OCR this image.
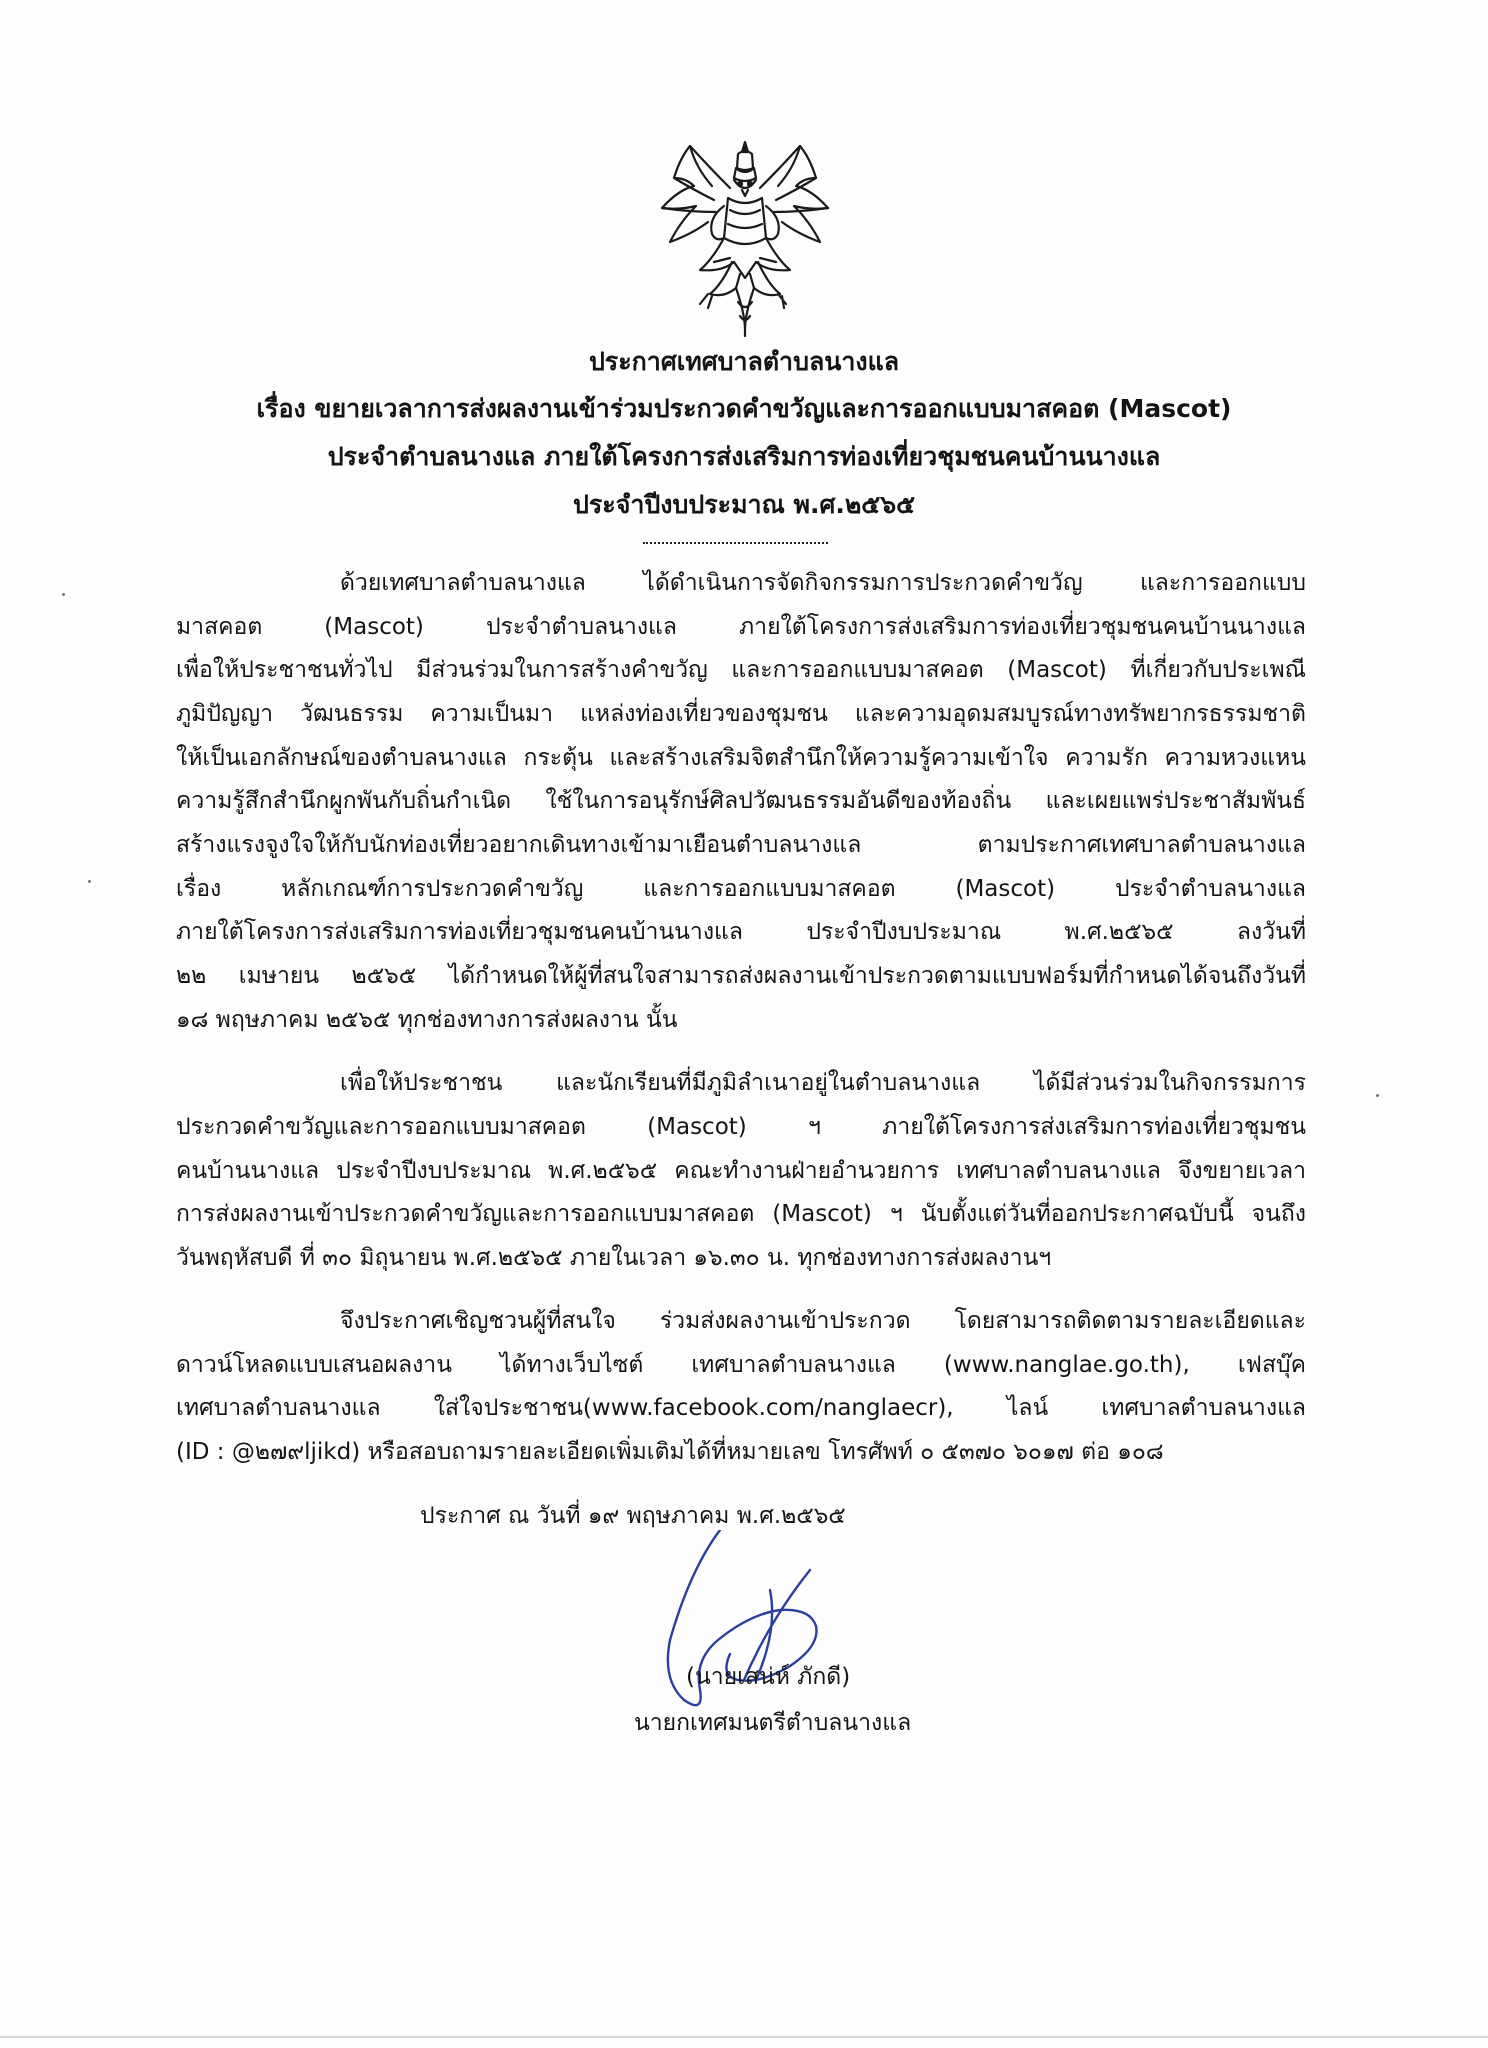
ประกาศเทศบาลตำบลนางแล
เรื่อง ขยายเวลาการส่งผลงานเข้าร่วมประกวดคำขวัญและการออกแบบมาสคอต (Mascot)
ประจำตำบลนางแล ภายใต้โครงการส่งเสริมการท่องเที่ยวชุมชนคนบ้านนางแล
ประจำปีงบประมาณ พ.ศ.๒๕๖๕
ด้วยเทศบาลตำบลนางแล ได้ดำเนินการจัดกิจกรรมการประกวดคำขวัญ และการออกแบบ
มาสคอต (Mascot) ประจำตำบลนางแล ภายใต้โครงการส่งเสริมการท่องเที่ยวชุมชนคนบ้านนางแล
เพื่อให้ประชาชนทั่วไป มีส่วนร่วมในการสร้างคำขวัญ และการออกแบบมาสคอต (Mascot) ที่เกี่ยวกับประเพณี
ภูมิปัญญา วัฒนธรรม ความเป็นมา แหล่งท่องเที่ยวของชุมชน และความอุดมสมบูรณ์ทางทรัพยากรธรรมชาติ
ให้เป็นเอกลักษณ์ของตำบลนางแล กระตุ้น และสร้างเสริมจิตสำนึกให้ความรู้ความเข้าใจ ความรัก ความหวงแหน
ความรู้สึกสำนึกผูกพันกับถิ่นกำเนิด ใช้ในการอนุรักษ์ศิลปวัฒนธรรมอันดีของท้องถิ่น และเผยแพร่ประชาสัมพันธ์
สร้างแรงจูงใจให้กับนักท่องเที่ยวอยากเดินทางเข้ามาเยือนตำบลนางแล ตามประกาศเทศบาลตำบลนางแล
เรื่อง หลักเกณฑ์การประกวดคำขวัญ และการออกแบบมาสคอต (Mascot) ประจำตำบลนางแล
ภายใต้โครงการส่งเสริมการท่องเที่ยวชุมชนคนบ้านนางแล ประจำปีงบประมาณ พ.ศ.๒๕๖๕ ลงวันที่
๒๒ เมษายน ๒๕๖๕ ได้กำหนดให้ผู้ที่สนใจสามารถส่งผลงานเข้าประกวดตามแบบฟอร์มที่กำหนดได้จนถึงวันที่
๑๘ พฤษภาคม ๒๕๖๕ ทุกช่องทางการส่งผลงาน นั้น
เพื่อให้ประชาชน และนักเรียนที่มีภูมิลำเนาอยู่ในตำบลนางแล ได้มีส่วนร่วมในกิจกรรมการ
ประกวดคำขวัญและการออกแบบมาสคอต (Mascot) ฯ ภายใต้โครงการส่งเสริมการท่องเที่ยวชุมชน
คนบ้านนางแล ประจำปีงบประมาณ พ.ศ.๒๕๖๕ คณะทำงานฝ่ายอำนวยการ เทศบาลตำบลนางแล จึงขยายเวลา
การส่งผลงานเข้าประกวดคำขวัญและการออกแบบมาสคอต (Mascot) ฯ นับตั้งแต่วันที่ออกประกาศฉบับนี้ จนถึง
วันพฤหัสบดี ที่ ๓๐ มิถุนายน พ.ศ.๒๕๖๕ ภายในเวลา ๑๖.๓๐ น. ทุกช่องทางการส่งผลงานฯ
จึงประกาศเชิญชวนผู้ที่สนใจ ร่วมส่งผลงานเข้าประกวด โดยสามารถติดตามรายละเอียดและ
ดาวน์โหลดแบบเสนอผลงาน ได้ทางเว็บไซต์ เทศบาลตำบลนางแล (www.nanglae.go.th), เฟสบุ๊ค
เทศบาลตำบลนางแล ใส่ใจประชาชน(www.facebook.com/nanglaecr), ไลน์ เทศบาลตำบลนางแล
(ID : @๒๗๙ljikd) หรือสอบถามรายละเอียดเพิ่มเติมได้ที่หมายเลข โทรศัพท์ ๐ ๕๓๗๐ ๖๐๑๗ ต่อ ๑๐๘
ประกาศ ณ วันที่ ๑๙ พฤษภาคม พ.ศ.๒๕๖๕
(นายเสน่ห์ ภักดี)
นายกเทศมนตรีตำบลนางแล
